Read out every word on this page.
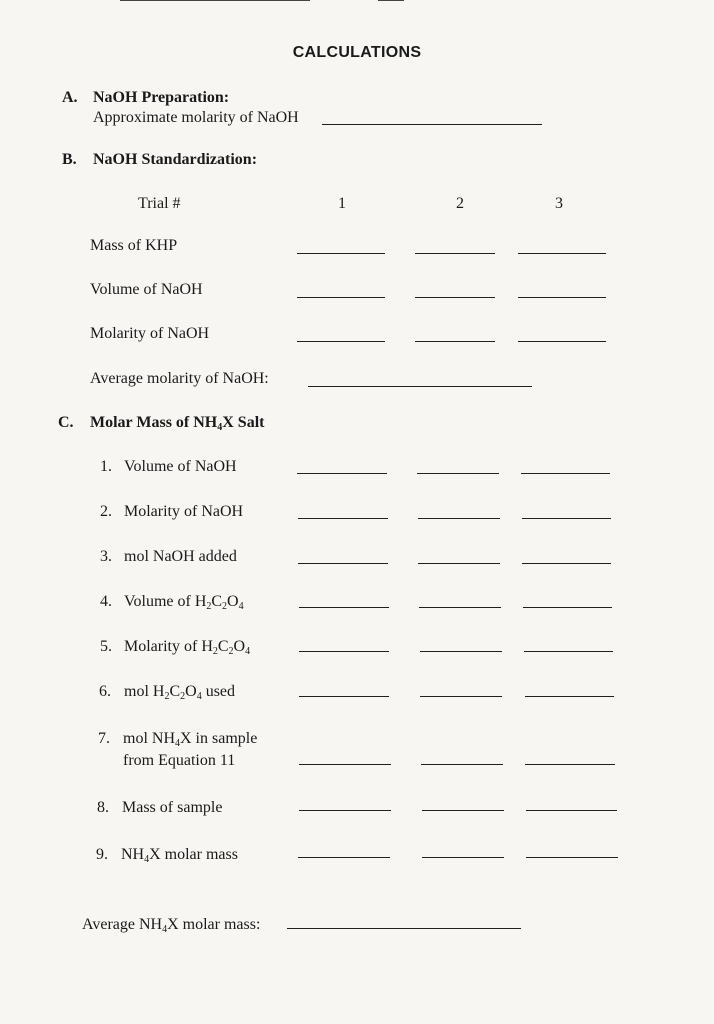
CALCULATIONS
A. NaOH Preparation:
Approximate molarity of NaOH
B. NaOH Standardization:
Trial #	1	2	3
Mass of KHP
Volume of NaOH
Molarity of NaOH
Average molarity of NaOH:
C. Molar Mass of $NH_4X$ Salt
1. Volume of NaOH
2. Molarity of NaOH
3. mol NaOH added
4. Volume of $H_2C_2O_4$
5. Molarity of $H_2C_2O_4$
6. mol $H_2C_2O_4$ used
7. mol $NH_4X$ in sample
from Equation 11
8. Mass of sample
9. $NH_4X$ molar mass
Average $NH_4X$ molar mass:
